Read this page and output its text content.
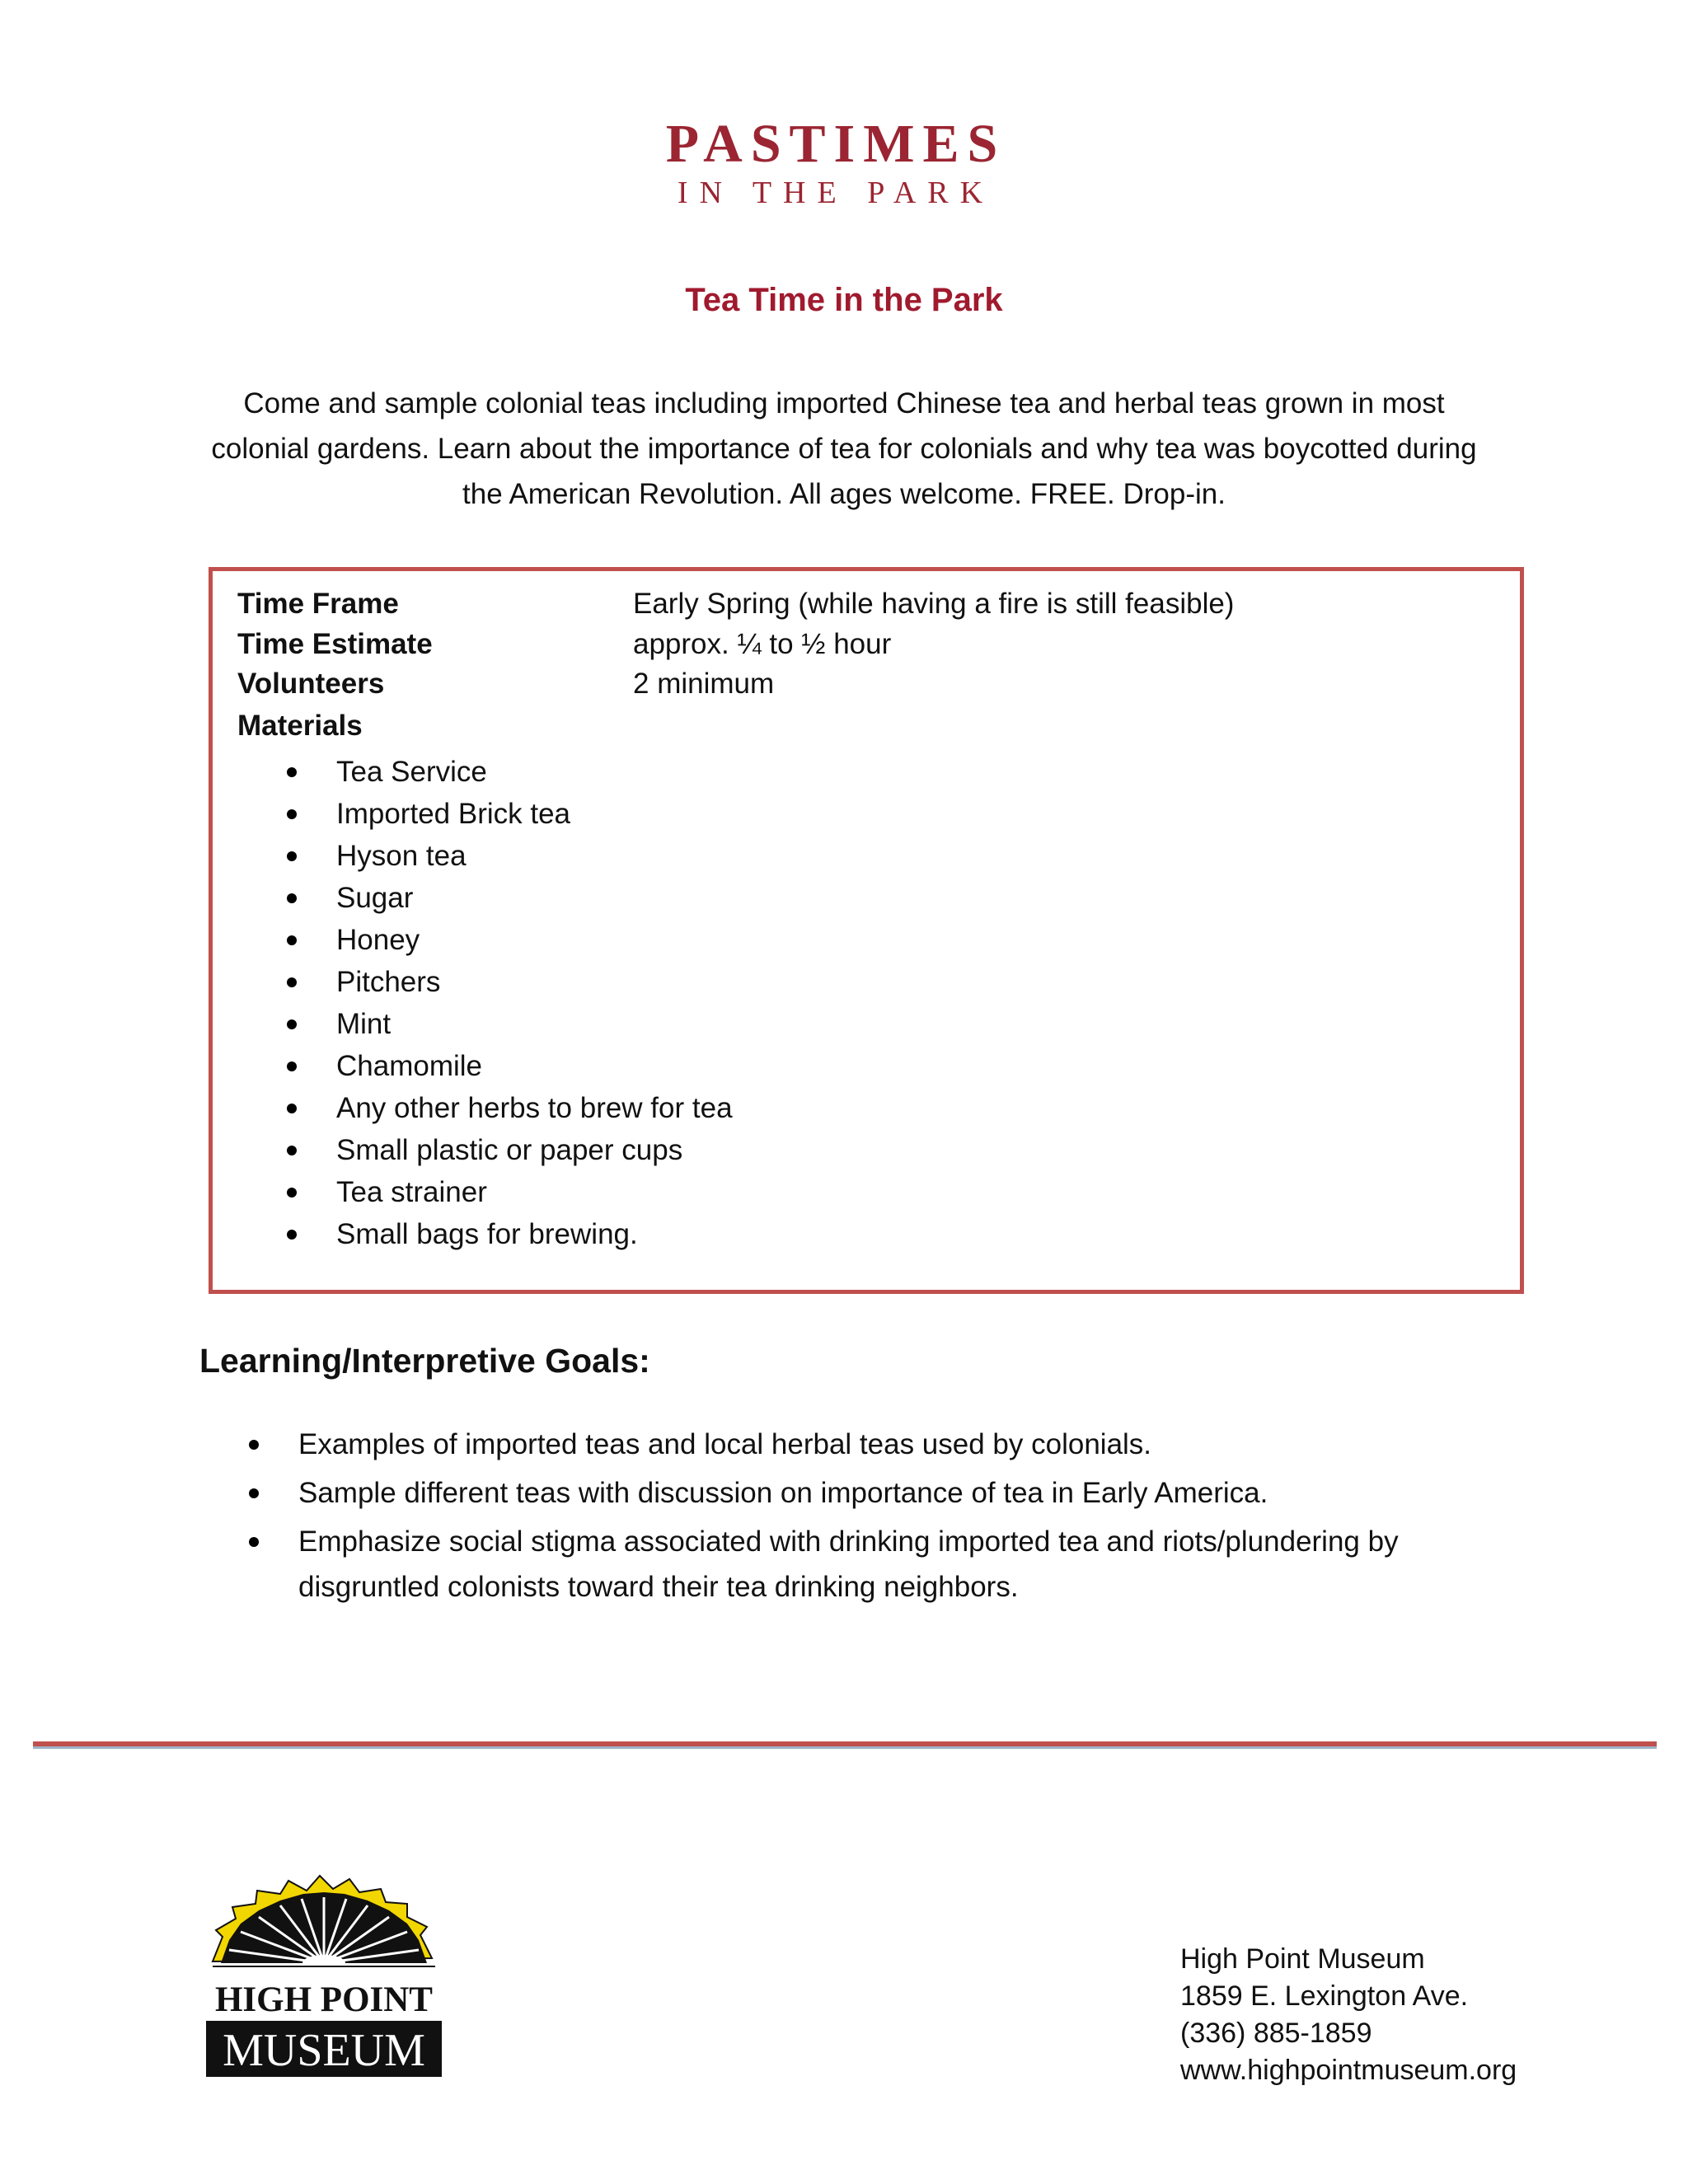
PASTIMES
IN THE PARK
Tea Time in the Park

Come and sample colonial teas including imported Chinese tea and herbal teas grown in most colonial gardens. Learn about the importance of tea for colonials and why tea was boycotted during the American Revolution. All ages welcome. FREE. Drop-in.

Time Frame	Early Spring (while having a fire is still feasible)
Time Estimate	approx. ¼ to ½ hour
Volunteers	2 minimum
Materials
Tea Service
Imported Brick tea
Hyson tea
Sugar
Honey
Pitchers
Mint
Chamomile
Any other herbs to brew for tea
Small plastic or paper cups
Tea strainer
Small bags for brewing.
Learning/Interpretive Goals:
Examples of imported teas and local herbal teas used by colonials.
Sample different teas with discussion on importance of tea in Early America.
Emphasize social stigma associated with drinking imported tea and riots/plundering by disgruntled colonists toward their tea drinking neighbors.
HIGH POINT
MUSEUM
High Point Museum
1859 E. Lexington Ave.
(336) 885-1859
www.highpointmuseum.org
